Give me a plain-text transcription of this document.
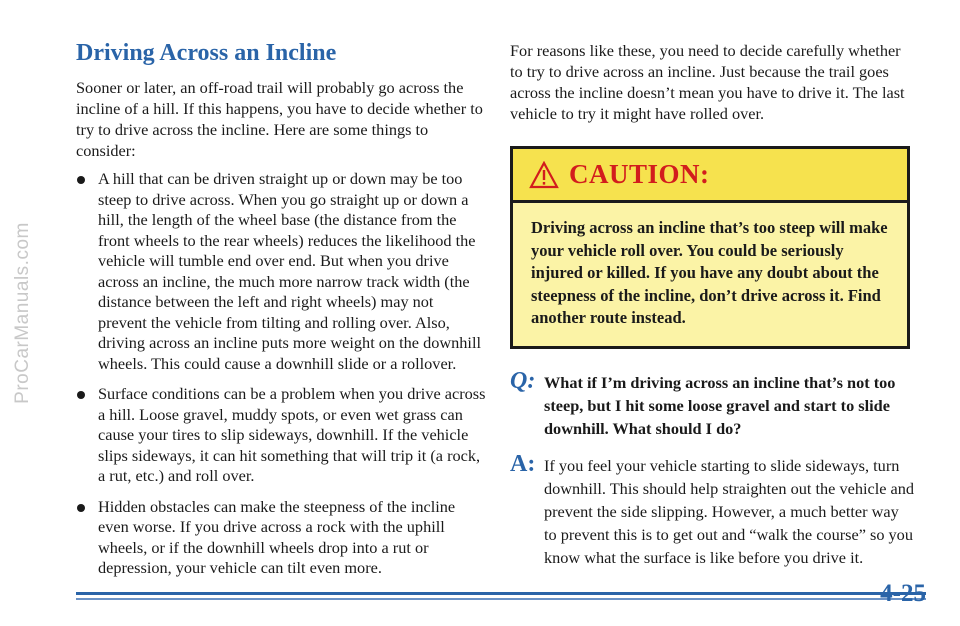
ProCarManuals.com
Driving Across an Incline

Sooner or later, an off-road trail will probably go across the incline of a hill. If this happens, you have to decide whether to try to drive across the incline. Here are some things to consider:

A hill that can be driven straight up or down may be too steep to drive across. When you go straight up or down a hill, the length of the wheel base (the distance from the front wheels to the rear wheels) reduces the likelihood the vehicle will tumble end over end. But when you drive across an incline, the much more narrow track width (the distance between the left and right wheels) may not prevent the vehicle from tilting and rolling over. Also, driving across an incline puts more weight on the downhill wheels. This could cause a downhill slide or a rollover.
Surface conditions can be a problem when you drive across a hill. Loose gravel, muddy spots, or even wet grass can cause your tires to slip sideways, downhill. If the vehicle slips sideways, it can hit something that will trip it (a rock, a rut, etc.) and roll over.
Hidden obstacles can make the steepness of the incline even worse. If you drive across a rock with the uphill wheels, or if the downhill wheels drop into a rut or depression, your vehicle can tilt even more.

For reasons like these, you need to decide carefully whether to try to drive across an incline. Just because the trail goes across the incline doesn’t mean you have to drive it. The last vehicle to try it might have rolled over.

CAUTION:
Driving across an incline that’s too steep will make your vehicle roll over. You could be seriously injured or killed. If you have any doubt about the steepness of the incline, don’t drive across it. Find another route instead.
Q: What if I’m driving across an incline that’s not too steep, but I hit some loose gravel and start to slide downhill. What should I do?

A: If you feel your vehicle starting to slide sideways, turn downhill. This should help straighten out the vehicle and prevent the side slipping. However, a much better way to prevent this is to get out and “walk the course” so you know what the surface is like before you drive it.

4-25
